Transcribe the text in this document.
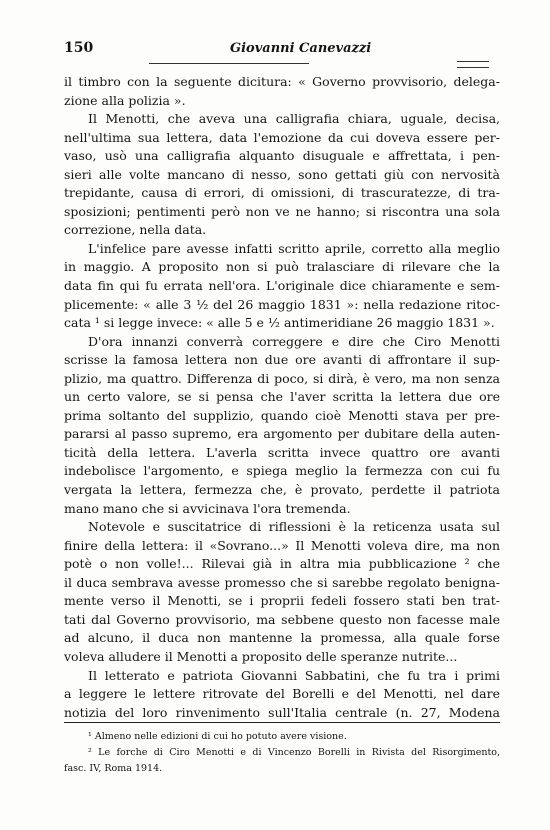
150	Giovanni Canevazzi
il timbro con la seguente dicitura: « Governo provvisorio, delega-
zione alla polizia ».
Il Menotti, che aveva una calligrafia chiara, uguale, decisa,
nell'ultima sua lettera, data l'emozione da cui doveva essere per-
vaso, usò una calligrafia alquanto disuguale e affrettata, i pen-
sieri alle volte mancano di nesso, sono gettati giù con nervosità
trepidante, causa di errori, di omissioni, di trascuratezze, di tra-
sposizioni; pentimenti però non ve ne hanno; si riscontra una sola
correzione, nella data.
L'infelice pare avesse infatti scritto aprile, corretto alla meglio
in maggio. A proposito non si può tralasciare di rilevare che la
data fin qui fu errata nell'ora. L'originale dice chiaramente e sem-
plicemente: « alle 3 ½ del 26 maggio 1831 »: nella redazione ritoc-
cata ¹ si legge invece: « alle 5 e ½ antimeridiane 26 maggio 1831 ».
D'ora innanzi converrà correggere e dire che Ciro Menotti
scrisse la famosa lettera non due ore avanti di affrontare il sup-
plizio, ma quattro. Differenza di poco, si dirà, è vero, ma non senza
un certo valore, se si pensa che l'aver scritta la lettera due ore
prima soltanto del supplizio, quando cioè Menotti stava per pre-
pararsi al passo supremo, era argomento per dubitare della auten-
ticità della lettera. L'averla scritta invece quattro ore avanti
indebolisce l'argomento, e spiega meglio la fermezza con cui fu
vergata la lettera, fermezza che, è provato, perdette il patriota
mano mano che si avvicinava l'ora tremenda.
Notevole e suscitatrice di riflessioni è la reticenza usata sul
finire della lettera: il «Sovrano...» Il Menotti voleva dire, ma non
potè o non volle!... Rilevai già in altra mia pubblicazione ² che
il duca sembrava avesse promesso che si sarebbe regolato benigna-
mente verso il Menotti, se i proprii fedeli fossero stati ben trat-
tati dal Governo provvisorio, ma sebbene questo non facesse male
ad alcuno, il duca non mantenne la promessa, alla quale forse
voleva alludere il Menotti a proposito delle speranze nutrite...
Il letterato e patriota Giovanni Sabbatini, che fu tra i primi
a leggere le lettere ritrovate del Borelli e del Menotti, nel dare
notizia del loro rinvenimento sull'Italia centrale (n. 27, Modena
¹ Almeno nelle edizioni di cui ho potuto avere visione.
² Le forche di Ciro Menotti e di Vincenzo Borelli in Rivista del Risorgimento,
fasc. IV, Roma 1914.
